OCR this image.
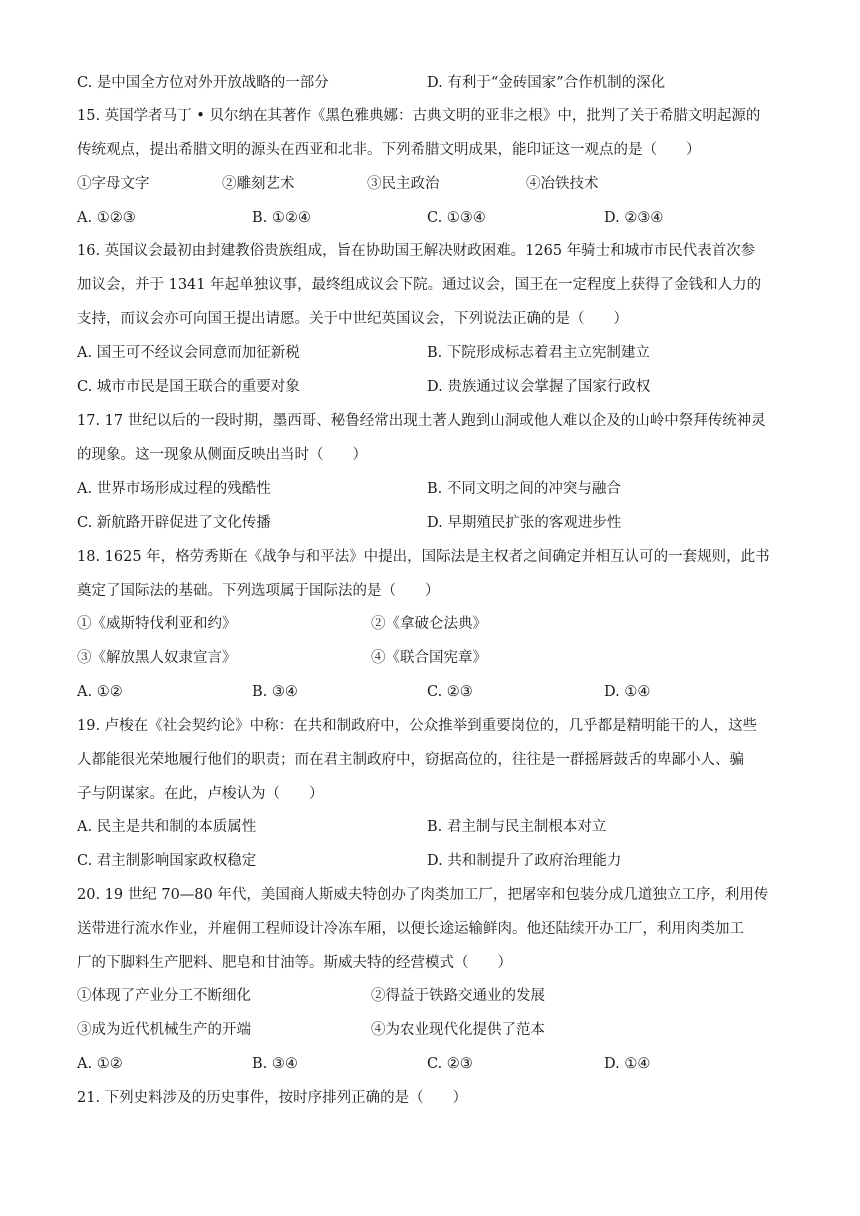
C. 是中国全方位对外开放战略的一部分	D. 有利于“金砖国家”合作机制的深化
15. 英国学者马丁 • 贝尔纳在其著作《黑色雅典娜：古典文明的亚非之根》中，批判了关于希腊文明起源的
传统观点，提出希腊文明的源头在西亚和北非。下列希腊文明成果，能印证这一观点的是（　　）
①字母文字	②雕刻艺术	③民主政治	④冶铁技术
A. ①②③	B. ①②④	C. ①③④	D. ②③④
16. 英国议会最初由封建教俗贵族组成，旨在协助国王解决财政困难。1265 年骑士和城市市民代表首次参
加议会，并于 1341 年起单独议事，最终组成议会下院。通过议会，国王在一定程度上获得了金钱和人力的
支持，而议会亦可向国王提出请愿。关于中世纪英国议会，下列说法正确的是（　　）
A. 国王可不经议会同意而加征新税	B. 下院形成标志着君主立宪制建立
C. 城市市民是国王联合的重要对象	D. 贵族通过议会掌握了国家行政权
17. 17 世纪以后的一段时期，墨西哥、秘鲁经常出现土著人跑到山洞或他人难以企及的山岭中祭拜传统神灵
的现象。这一现象从侧面反映出当时（　　）
A. 世界市场形成过程的残酷性	B. 不同文明之间的冲突与融合
C. 新航路开辟促进了文化传播	D. 早期殖民扩张的客观进步性
18. 1625 年，格劳秀斯在《战争与和平法》中提出，国际法是主权者之间确定并相互认可的一套规则，此书
奠定了国际法的基础。下列选项属于国际法的是（　　）
①《威斯特伐利亚和约》	②《拿破仑法典》
③《解放黑人奴隶宣言》	④《联合国宪章》
A. ①②	B. ③④	C. ②③	D. ①④
19. 卢梭在《社会契约论》中称：在共和制政府中，公众推举到重要岗位的，几乎都是精明能干的人，这些
人都能很光荣地履行他们的职责；而在君主制政府中，窃据高位的，往往是一群摇唇鼓舌的卑鄙小人、骗
子与阴谋家。在此，卢梭认为（　　）
A. 民主是共和制的本质属性	B. 君主制与民主制根本对立
C. 君主制影响国家政权稳定	D. 共和制提升了政府治理能力
20. 19 世纪 70—80 年代，美国商人斯威夫特创办了肉类加工厂，把屠宰和包装分成几道独立工序，利用传
送带进行流水作业，并雇佣工程师设计冷冻车厢，以便长途运输鲜肉。他还陆续开办工厂，利用肉类加工
厂的下脚料生产肥料、肥皂和甘油等。斯威夫特的经营模式（　　）
①体现了产业分工不断细化	②得益于铁路交通业的发展
③成为近代机械生产的开端	④为农业现代化提供了范本
A. ①②	B. ③④	C. ②③	D. ①④
21. 下列史料涉及的历史事件，按时序排列正确的是（　　）
